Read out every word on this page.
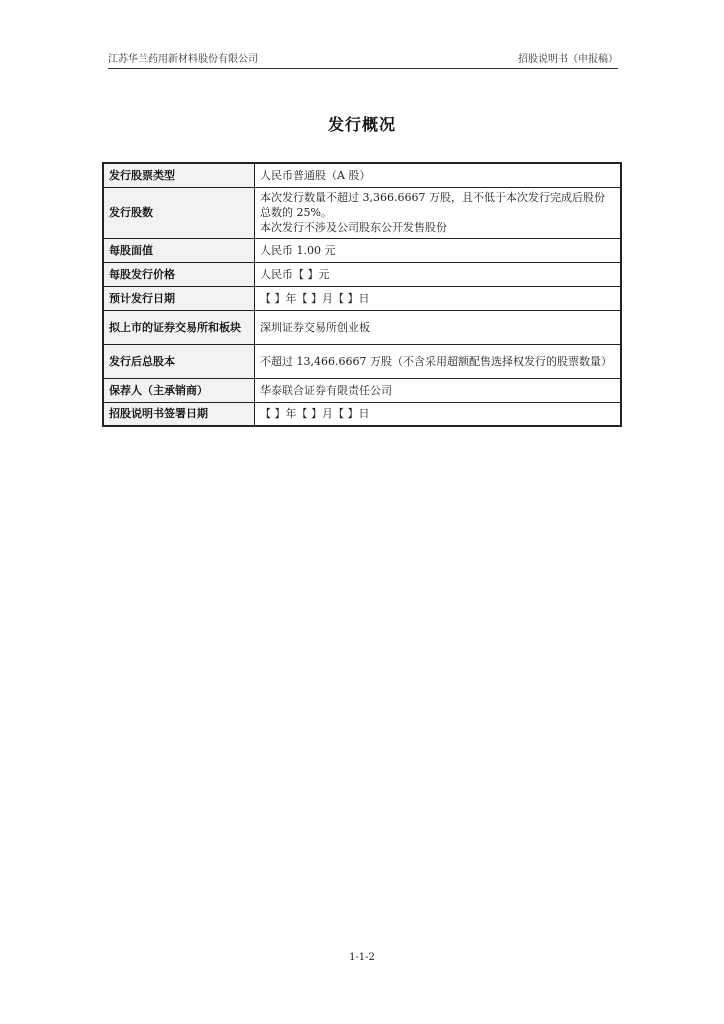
江苏华兰药用新材料股份有限公司	招股说明书（申报稿）
发行概况
发行股票类型	人民币普通股（A 股）

发行股数	本次发行数量不超过 3,366.6667 万股，且不低于本次发行完成后股份总数的 25%。
本次发行不涉及公司股东公开发售股份

每股面值	人民币 1.00 元

每股发行价格	人民币【 】元

预计发行日期	【 】年【 】月【 】日

拟上市的证券交易所和板块	深圳证券交易所创业板

发行后总股本	不超过 13,466.6667 万股（不含采用超额配售选择权发行的股票数量）

保荐人（主承销商）	华泰联合证券有限责任公司

招股说明书签署日期	【 】年【 】月【 】日
1-1-2
